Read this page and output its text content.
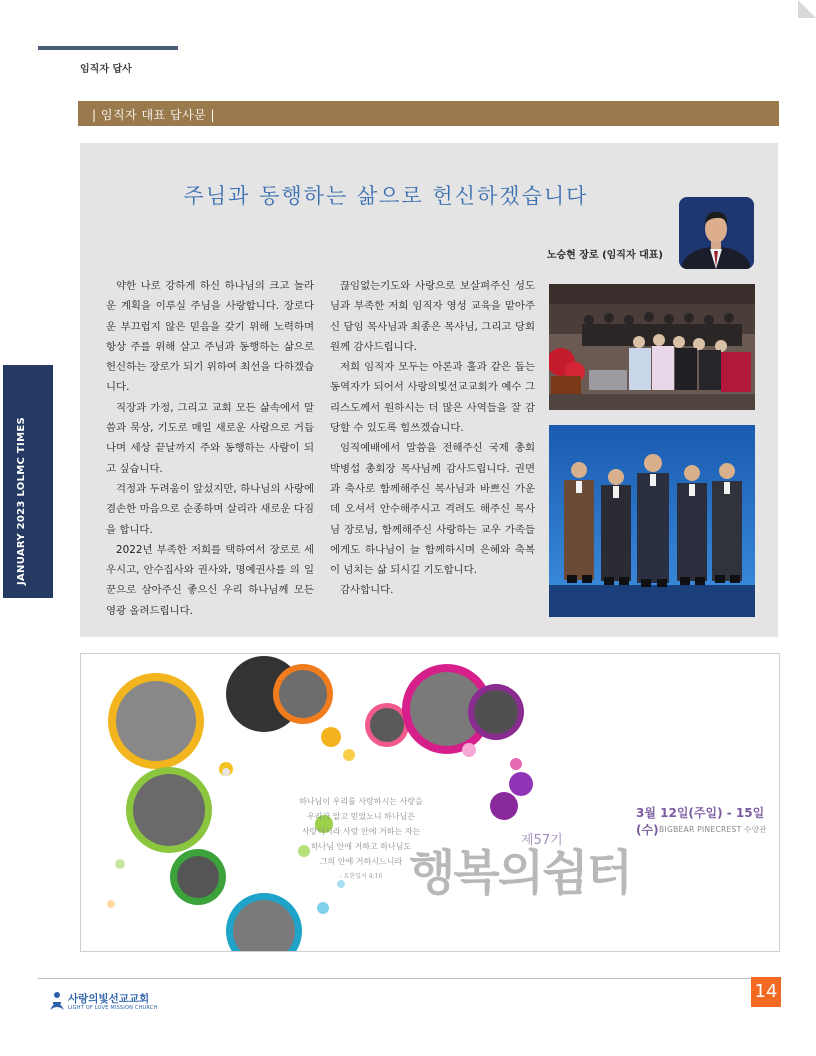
임직자 답사
| 임직자 대표 답사문 |
JANUARY 2023 LOLMC TIMES
주님과 동행하는 삶으로 헌신하겠습니다
노승현 장로 (임직자 대표)

약한 나로 강하게 하신 하나님의 크고 놀라운 계획을 이루실 주님을 사랑합니다. 장로다운 부끄럽지 않은 믿음을 갖기 위해 노력하며 항상 주를 위해 살고 주님과 동행하는 삶으로 헌신하는 장로가 되기 위하여 최선을 다하겠습니다.

직장과 가정, 그리고 교회 모든 삶속에서 말씀과 묵상, 기도로 매일 새로운 사람으로 거듭나며 세상 끝날까지 주와 동행하는 사람이 되고 싶습니다.

걱정과 두려움이 앞섰지만, 하나님의 사랑에 겸손한 마음으로 순종하며 살리라 새로운 다짐을 합니다.

2022년 부족한 저희를 택하여서 장로로 세우시고, 안수집사와 권사와, 명예권사를 의 일꾼으로 삼아주신 좋으신 우리 하나님께 모든 영광 올려드립니다.

끊임없는기도와 사랑으로 보살펴주신 성도님과 부족한 저희 임직자 영성 교육을 맡아주신 담임 목사님과 최종은 목사님, 그리고 당회원께 감사드립니다.

저희 임직자 모두는 아론과 훌과 같은 돕는 동역자가 되어서 사랑의빛선교교회가 예수 그리스도께서 원하시는 더 많은 사역들을 잘 감당할 수 있도록 힘쓰겠습니다.

임직예배에서 말씀을 전해주신 국제 총회 박병섭 총회장 목사님께 감사드립니다. 권면과 축사로 함께해주신 목사님과 바쁘신 가운데 오셔서 안수해주시고 격려도 해주신 목사님 장로님, 함께해주신 사랑하는 교우 가족들에게도 하나님이 늘 함께하시며 은혜와 축복이 넘치는 삶 되시길 기도합니다.

감사합니다.

하나님이 우리를 사랑하시는 사랑을
우리가 알고 믿었노니 하나님은
사랑이시라 사랑 안에 거하는 자는
하나님 안에 거하고 하나님도
그의 안에 거하시느니라
- 요한일서 4:16 행복의쉼터
제57기
3월 12일(주일) - 15일(수) BIGBEAR PINECREST 수양관
사랑의빛선교교회
LIGHT OF LOVE MISSION CHURCH
14
